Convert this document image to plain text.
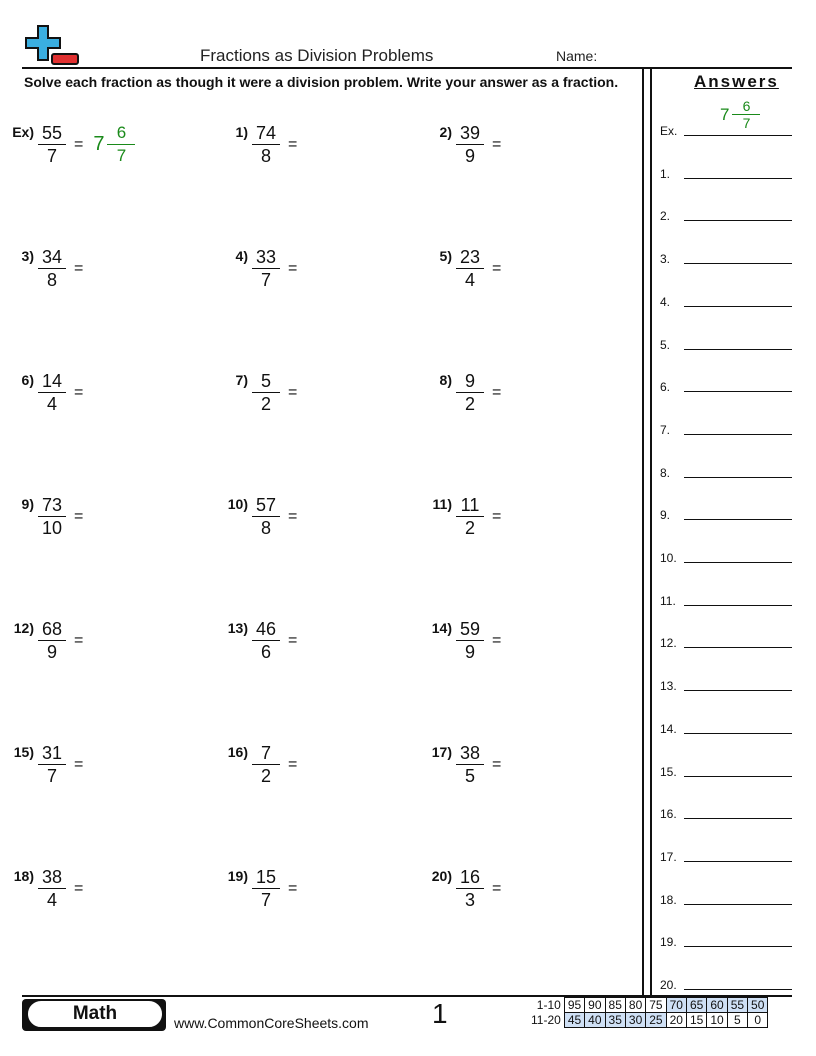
Fractions as Division Problems	Name:
Solve each fraction as though it were a division problem. Write your answer as a fraction.
$Ex) \frac{55}{7} = 7 \frac{6}{7}$	$1) \frac{74}{8}$ =
$2) \frac{39}{9}$ =
$3) \frac{34}{8}$ =
$4) \frac{33}{7}$ =
$5) \frac{23}{4}$ =
$6) \frac{14}{4}$ =
$7) \frac{5}{2}$ =
$8) \frac{9}{2}$ =
$9) \frac{73}{10}$ =
$10) \frac{57}{8}$ =
$11) \frac{11}{2}$ =
$12) \frac{68}{9}$ =
$13) \frac{46}{6}$ =
$14) \frac{59}{9}$ =
$15) \frac{31}{7}$ =
$16) \frac{7}{2}$ =
$17) \frac{38}{5}$ =
$18) \frac{38}{4}$ =
$19) \frac{15}{7}$ =
$20) \frac{16}{3}$ =
Answers
$7 \frac{6}{7}$
Ex.
1.
2.
3.
4.
5.
6.
7.
8.
9.
10.
11.
12.
13.
14.
15.
16.
17.
18.
19.
20.
Math	www.CommonCoreSheets.com 1	1-10	95	90	85	80	75	70	65	60	55	50
11-20	45	40	35	30	25	20	15	10	5	0
